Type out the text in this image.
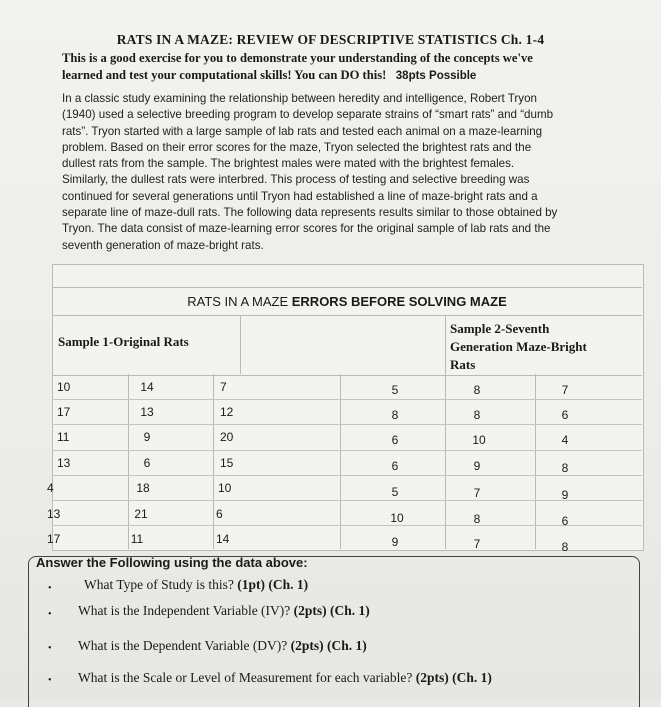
RATS IN A MAZE: REVIEW OF DESCRIPTIVE STATISTICS Ch. 1-4
This is a good exercise for you to demonstrate your understanding of the concepts we've
learned and test your computational skills! You can DO this! 38pts Possible
In a classic study examining the relationship between heredity and intelligence, Robert Tryon
(1940) used a selective breeding program to develop separate strains of “smart rats” and “dumb
rats”. Tryon started with a large sample of lab rats and tested each animal on a maze-learning
problem. Based on their error scores for the maze, Tryon selected the brightest rats and the
dullest rats from the sample. The brightest males were mated with the brightest females.
Similarly, the dullest rats were interbred. This process of testing and selective breeding was
continued for several generations until Tryon had established a line of maze-bright rats and a
separate line of maze-dull rats. The following data represents results similar to those obtained by
Tryon. The data consist of maze-learning error scores for the original sample of lab rats and the
seventh generation of maze-bright rats.
RATS IN A MAZE ERRORS BEFORE SOLVING MAZE
Sample 1-Original Rats
Sample 2-Seventh
Generation Maze-Bright
Rats
10	14	7	5	8	7
17	13	12	8	8	6
11	9	20	6	10	4
13	6	15	6	9	8
4	18	10	5	7	9
13	21	6	10	8	6
17	11	14	9	7	8
Answer the Following using the data above:
• What Type of Study is this? (1pt) (Ch. 1)
• What is the Independent Variable (IV)? (2pts) (Ch. 1)
• What is the Dependent Variable (DV)? (2pts) (Ch. 1)
• What is the Scale or Level of Measurement for each variable? (2pts) (Ch. 1)
